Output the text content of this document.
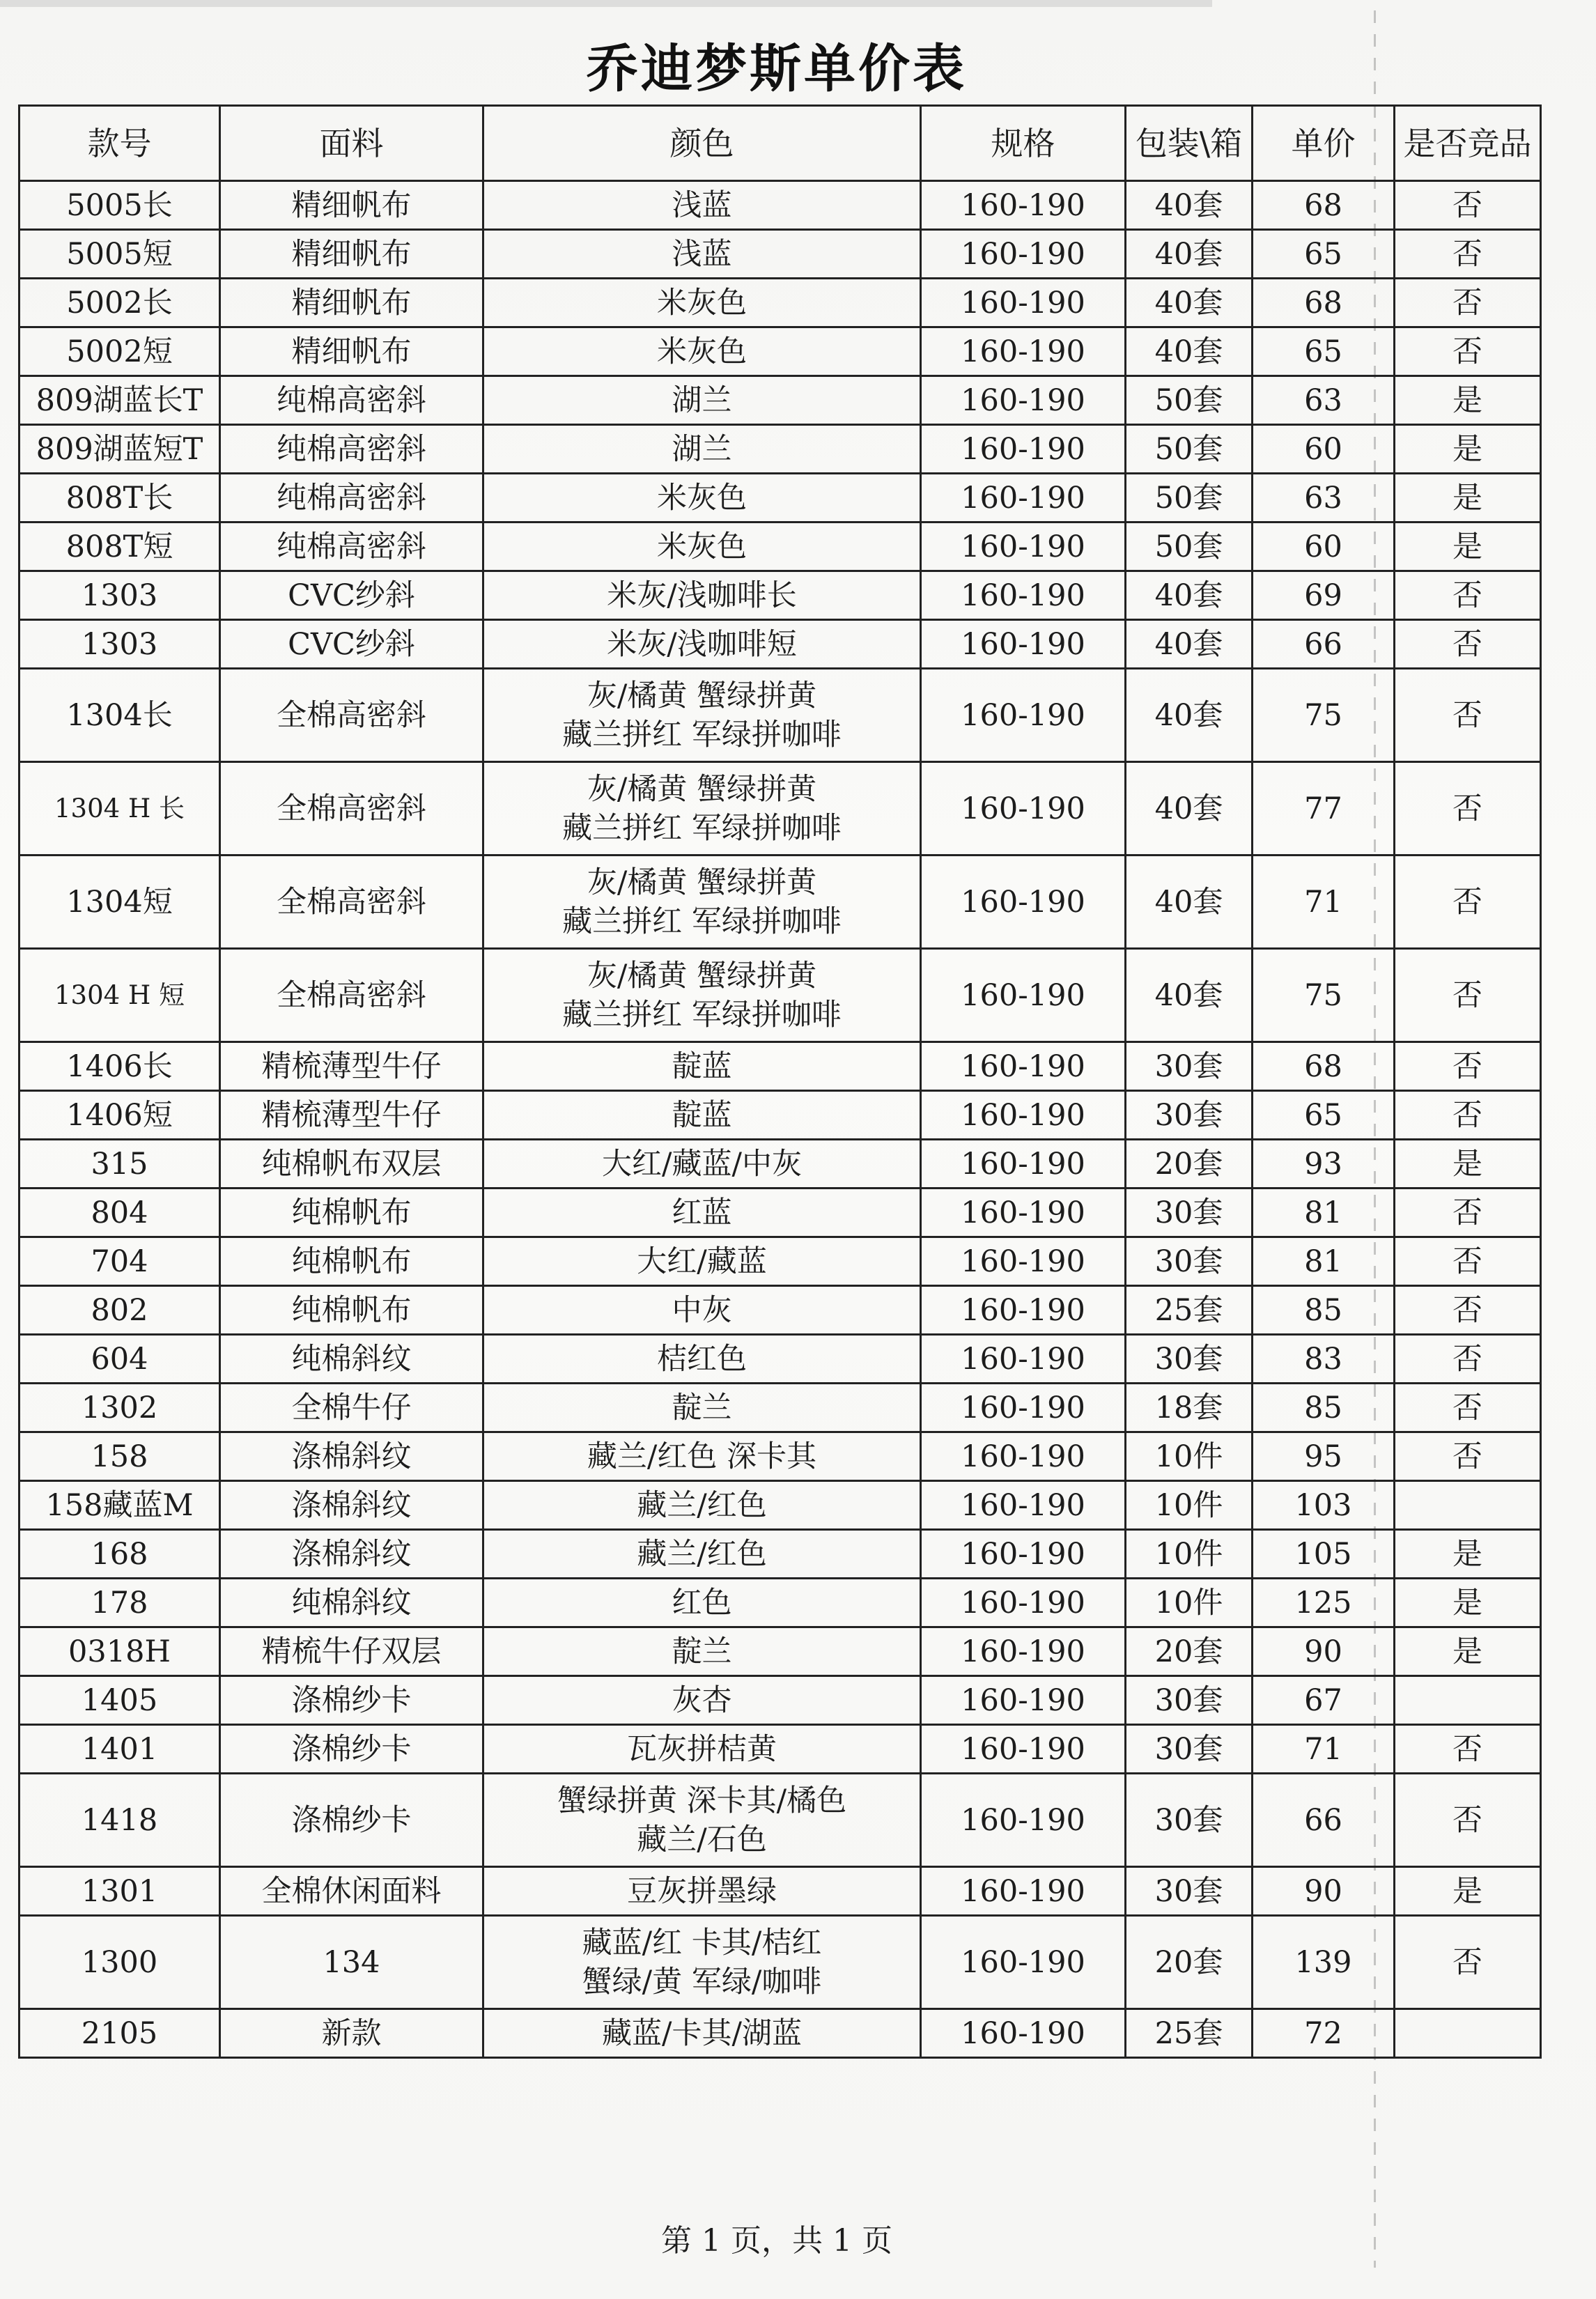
乔迪梦斯单价表
款号	面料	颜色	规格	包装\箱	单价	是否竞品
5005长	精细帆布	浅蓝	160-190	40套	68	否
5005短	精细帆布	浅蓝	160-190	40套	65	否
5002长	精细帆布	米灰色	160-190	40套	68	否
5002短	精细帆布	米灰色	160-190	40套	65	否
809湖蓝长T	纯棉高密斜	湖兰	160-190	50套	63	是
809湖蓝短T	纯棉高密斜	湖兰	160-190	50套	60	是
808T长	纯棉高密斜	米灰色	160-190	50套	63	是
808T短	纯棉高密斜	米灰色	160-190	50套	60	是
1303	CVC纱斜	米灰/浅咖啡长	160-190	40套	69	否
1303	CVC纱斜	米灰/浅咖啡短	160-190	40套	66	否
1304长	全棉高密斜	灰/橘黄 蟹绿拼黄
藏兰拼红 军绿拼咖啡	160-190	40套	75	否
1304 H 长	全棉高密斜	灰/橘黄 蟹绿拼黄
藏兰拼红 军绿拼咖啡	160-190	40套	77	否
1304短	全棉高密斜	灰/橘黄 蟹绿拼黄
藏兰拼红 军绿拼咖啡	160-190	40套	71	否
1304 H 短	全棉高密斜	灰/橘黄 蟹绿拼黄
藏兰拼红 军绿拼咖啡	160-190	40套	75	否
1406长	精梳薄型牛仔	靛蓝	160-190	30套	68	否
1406短	精梳薄型牛仔	靛蓝	160-190	30套	65	否
315	纯棉帆布双层	大红/藏蓝/中灰	160-190	20套	93	是
804	纯棉帆布	红蓝	160-190	30套	81	否
704	纯棉帆布	大红/藏蓝	160-190	30套	81	否
802	纯棉帆布	中灰	160-190	25套	85	否
604	纯棉斜纹	桔红色	160-190	30套	83	否
1302	全棉牛仔	靛兰	160-190	18套	85	否
158	涤棉斜纹	藏兰/红色 深卡其	160-190	10件	95	否
158藏蓝M	涤棉斜纹	藏兰/红色	160-190	10件	103	
168	涤棉斜纹	藏兰/红色	160-190	10件	105	是
178	纯棉斜纹	红色	160-190	10件	125	是
0318H	精梳牛仔双层	靛兰	160-190	20套	90	是
1405	涤棉纱卡	灰杏	160-190	30套	67	
1401	涤棉纱卡	瓦灰拼桔黄	160-190	30套	71	否
1418	涤棉纱卡	蟹绿拼黄 深卡其/橘色
藏兰/石色	160-190	30套	66	否
1301	全棉休闲面料	豆灰拼墨绿	160-190	30套	90	是
1300	134	藏蓝/红 卡其/桔红
蟹绿/黄 军绿/咖啡	160-190	20套	139	否
2105	新款	藏蓝/卡其/湖蓝	160-190	25套	72	
第 1 页，共 1 页
